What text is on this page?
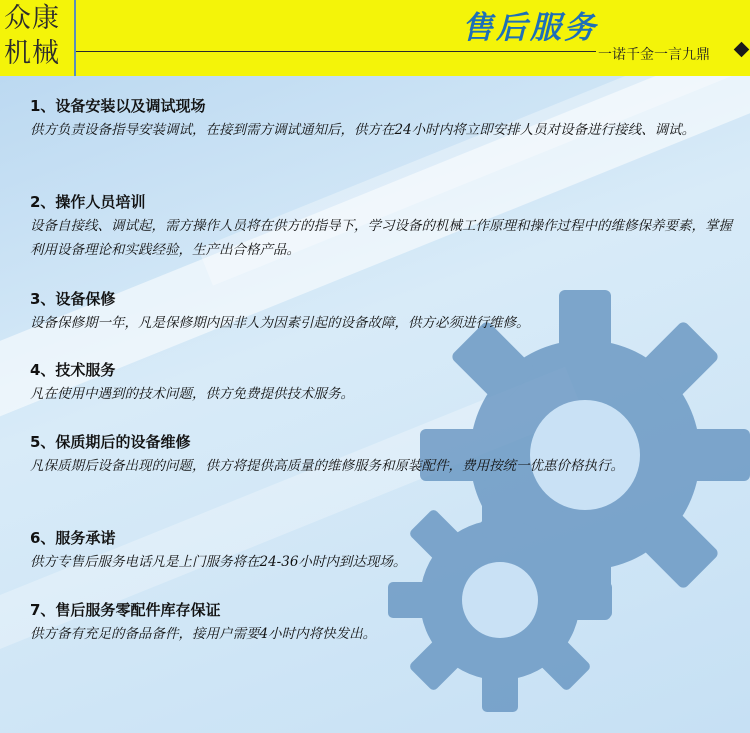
众康
机械
售后服务
一诺千金一言九鼎
1、设备安装以及调试现场
供方负责设备指导安装调试，在接到需方调试通知后，供方在24小时内将立即安排人员对设备进行接线、调试。
2、操作人员培训
设备自接线、调试起，需方操作人员将在供方的指导下，学习设备的机械工作原理和操作过程中的维修保养要素，掌握利用设备理论和实践经验，生产出合格产品。
3、设备保修
设备保修期一年，凡是保修期内因非人为因素引起的设备故障，供方必须进行维修。
4、技术服务
凡在使用中遇到的技术问题，供方免费提供技术服务。
5、保质期后的设备维修
凡保质期后设备出现的问题，供方将提供高质量的维修服务和原装配件，费用按统一优惠价格执行。
6、服务承诺
供方专售后服务电话凡是上门服务将在24-36小时内到达现场。
7、售后服务零配件库存保证
供方备有充足的备品备件，接用户需要4小时内将快发出。
